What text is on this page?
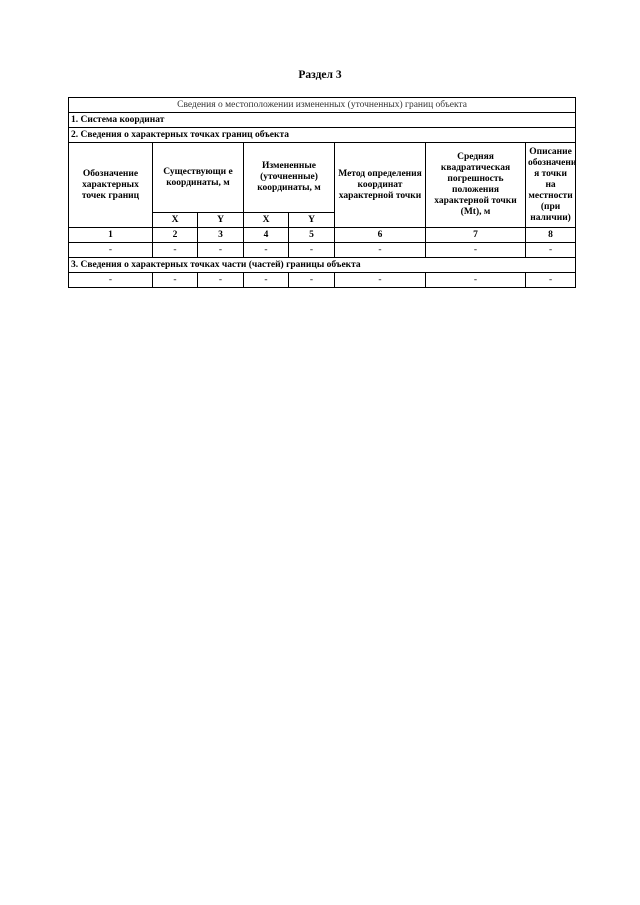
Раздел 3
Сведения о местоположении измененных (уточненных) границ объекта							
1. Система координат							
2. Сведения о характерных точках границ объекта							
Обозначение характерных точек границ	Существующи е координаты, м		Измененные (уточненные) координаты, м		Метод определения координат характерной точки	Средняя квадратическая погрешность положения характерной точки (Mt), м	Описание обозначени я точки на местности (при наличии)
	X	Y	X	Y			
1	2	3	4	5	6	7	8
-	-	-	-	-	-	-	-
3. Сведения о характерных точках части (частей) границы объекта							
-	-	-	-	-	-	-	-
